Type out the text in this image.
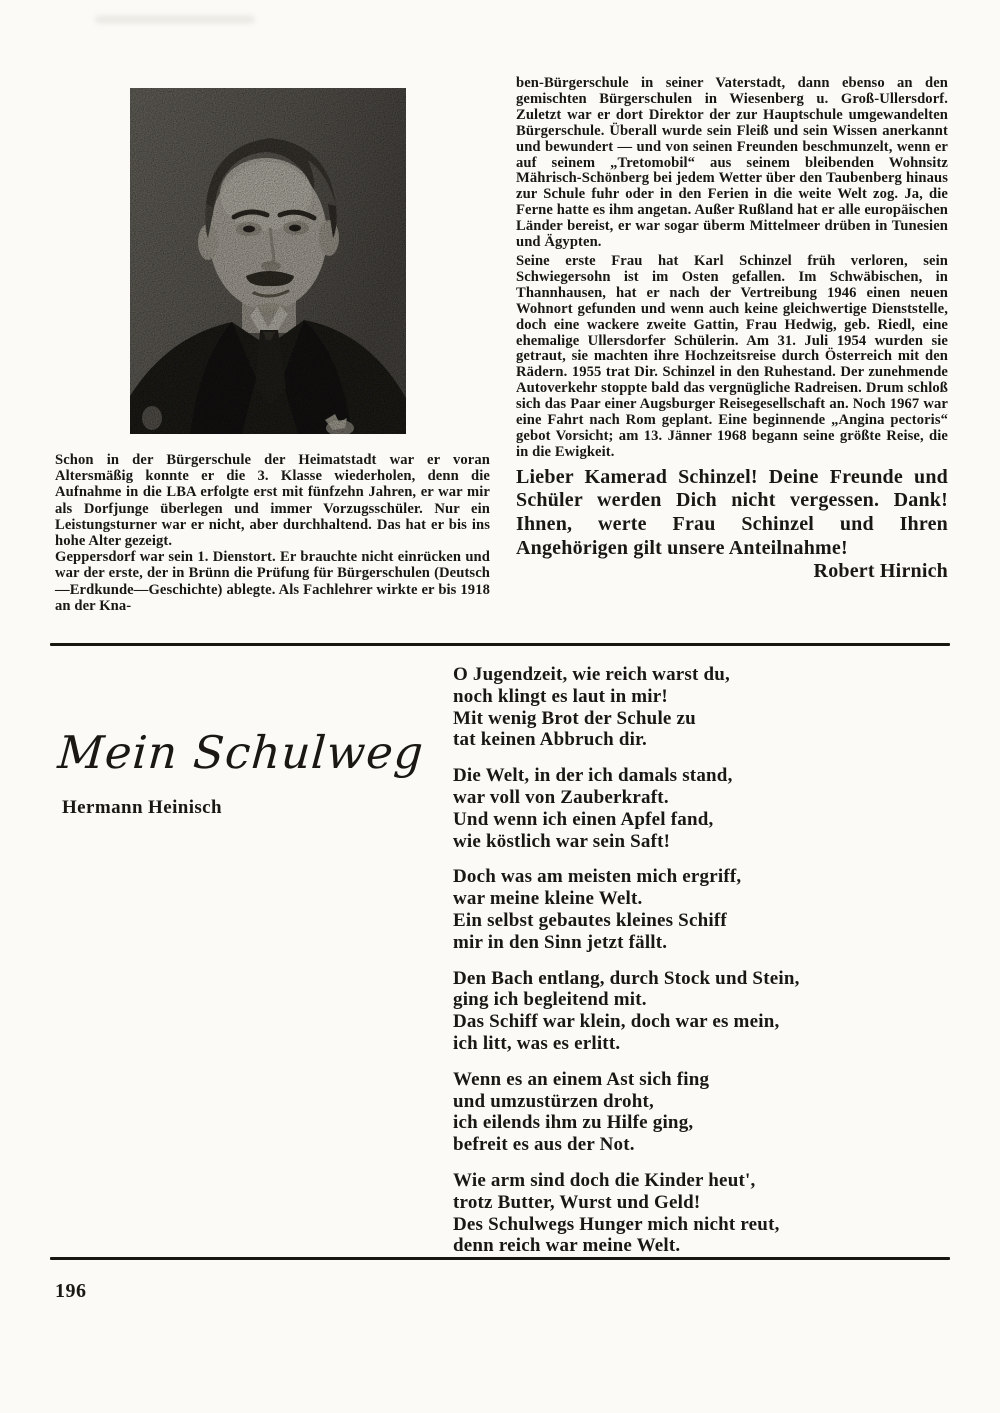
ben-Bürgerschule in seiner Vaterstadt, dann ebenso an den gemischten Bürgerschulen in Wiesenberg u. Groß-Ullersdorf. Zuletzt war er dort Direktor der zur Hauptschule umgewandelten Bürgerschule. Überall wurde sein Fleiß und sein Wissen anerkannt und bewundert — und von seinen Freunden beschmunzelt, wenn er auf seinem „Tretomobil“ aus seinem bleibenden Wohnsitz Mährisch-Schönberg bei jedem Wetter über den Taubenberg hinaus zur Schule fuhr oder in den Ferien in die weite Welt zog. Ja, die Ferne hatte es ihm angetan. Außer Rußland hat er alle europäischen Länder bereist, er war sogar überm Mittelmeer drüben in Tunesien und Ägypten.

Seine erste Frau hat Karl Schinzel früh verloren, sein Schwiegersohn ist im Osten gefallen. Im Schwäbischen, in Thannhausen, hat er nach der Vertreibung 1946 einen neuen Wohnort gefunden und wenn auch keine gleichwertige Dienststelle, doch eine wackere zweite Gattin, Frau Hedwig, geb. Riedl, eine ehemalige Ullersdorfer Schülerin. Am 31. Juli 1954 wurden sie getraut, sie machten ihre Hochzeitsreise durch Österreich mit den Rädern. 1955 trat Dir. Schinzel in den Ruhestand. Der zunehmende Autoverkehr stoppte bald das vergnügliche Radreisen. Drum schloß sich das Paar einer Augsburger Reisegesellschaft an. Noch 1967 war eine Fahrt nach Rom geplant. Eine beginnende „Angina pectoris“ gebot Vorsicht; am 13. Jänner 1968 begann seine größte Reise, die in die Ewigkeit.

Lieber Kamerad Schinzel! Deine Freunde und Schüler werden Dich nicht vergessen. Dank! Ihnen, werte Frau Schinzel und Ihren Angehörigen gilt unsere Anteilnahme!
Robert Hirnich

Schon in der Bürgerschule der Heimatstadt war er voran Altersmäßig konnte er die 3. Klasse wiederholen, denn die Aufnahme in die LBA erfolgte erst mit fünfzehn Jahren, er war mir als Dorfjunge überlegen und immer Vorzugsschüler. Nur ein Leistungsturner war er nicht, aber durchhaltend. Das hat er bis ins hohe Alter gezeigt.

Geppersdorf war sein 1. Dienstort. Er brauchte nicht einrücken und war der erste, der in Brünn die Prüfung für Bürgerschulen (Deutsch—Erdkunde—Geschichte) ablegte. Als Fachlehrer wirkte er bis 1918 an der Kna-

Mein Schulweg
Hermann Heinisch
O Jugendzeit, wie reich warst du,
noch klingt es laut in mir!
Mit wenig Brot der Schule zu
tat keinen Abbruch dir.
Die Welt, in der ich damals stand,
war voll von Zauberkraft.
Und wenn ich einen Apfel fand,
wie köstlich war sein Saft!
Doch was am meisten mich ergriff,
war meine kleine Welt.
Ein selbst gebautes kleines Schiff
mir in den Sinn jetzt fällt.
Den Bach entlang, durch Stock und Stein,
ging ich begleitend mit.
Das Schiff war klein, doch war es mein,
ich litt, was es erlitt.
Wenn es an einem Ast sich fing
und umzustürzen droht,
ich eilends ihm zu Hilfe ging,
befreit es aus der Not.
Wie arm sind doch die Kinder heut',
trotz Butter, Wurst und Geld!
Des Schulwegs Hunger mich nicht reut,
denn reich war meine Welt.
196
